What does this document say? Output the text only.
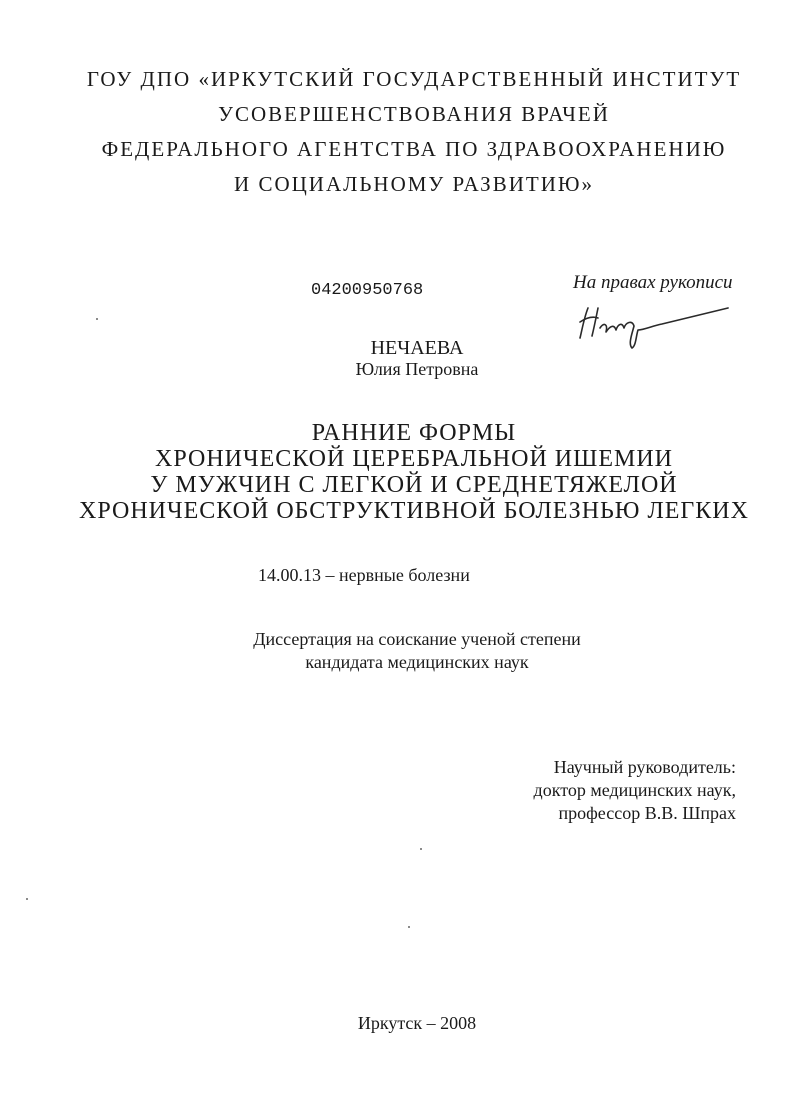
ГОУ ДПО «ИРКУТСКИЙ ГОСУДАРСТВЕННЫЙ ИНСТИТУТ
УСОВЕРШЕНСТВОВАНИЯ ВРАЧЕЙ
ФЕДЕРАЛЬНОГО АГЕНТСТВА ПО ЗДРАВООХРАНЕНИЮ
И СОЦИАЛЬНОМУ РАЗВИТИЮ»
04200950768	На правах рукописи
НЕЧАЕВА
Юлия Петровна
РАННИЕ ФОРМЫ
ХРОНИЧЕСКОЙ ЦЕРЕБРАЛЬНОЙ ИШЕМИИ
У МУЖЧИН С ЛЕГКОЙ И СРЕДНЕТЯЖЕЛОЙ
ХРОНИЧЕСКОЙ ОБСТРУКТИВНОЙ БОЛЕЗНЬЮ ЛЕГКИХ
14.00.13 – нервные болезни
Диссертация на соискание ученой степени
кандидата медицинских наук
Научный руководитель:
доктор медицинских наук,
профессор В.В. Шпрах
Иркутск – 2008
